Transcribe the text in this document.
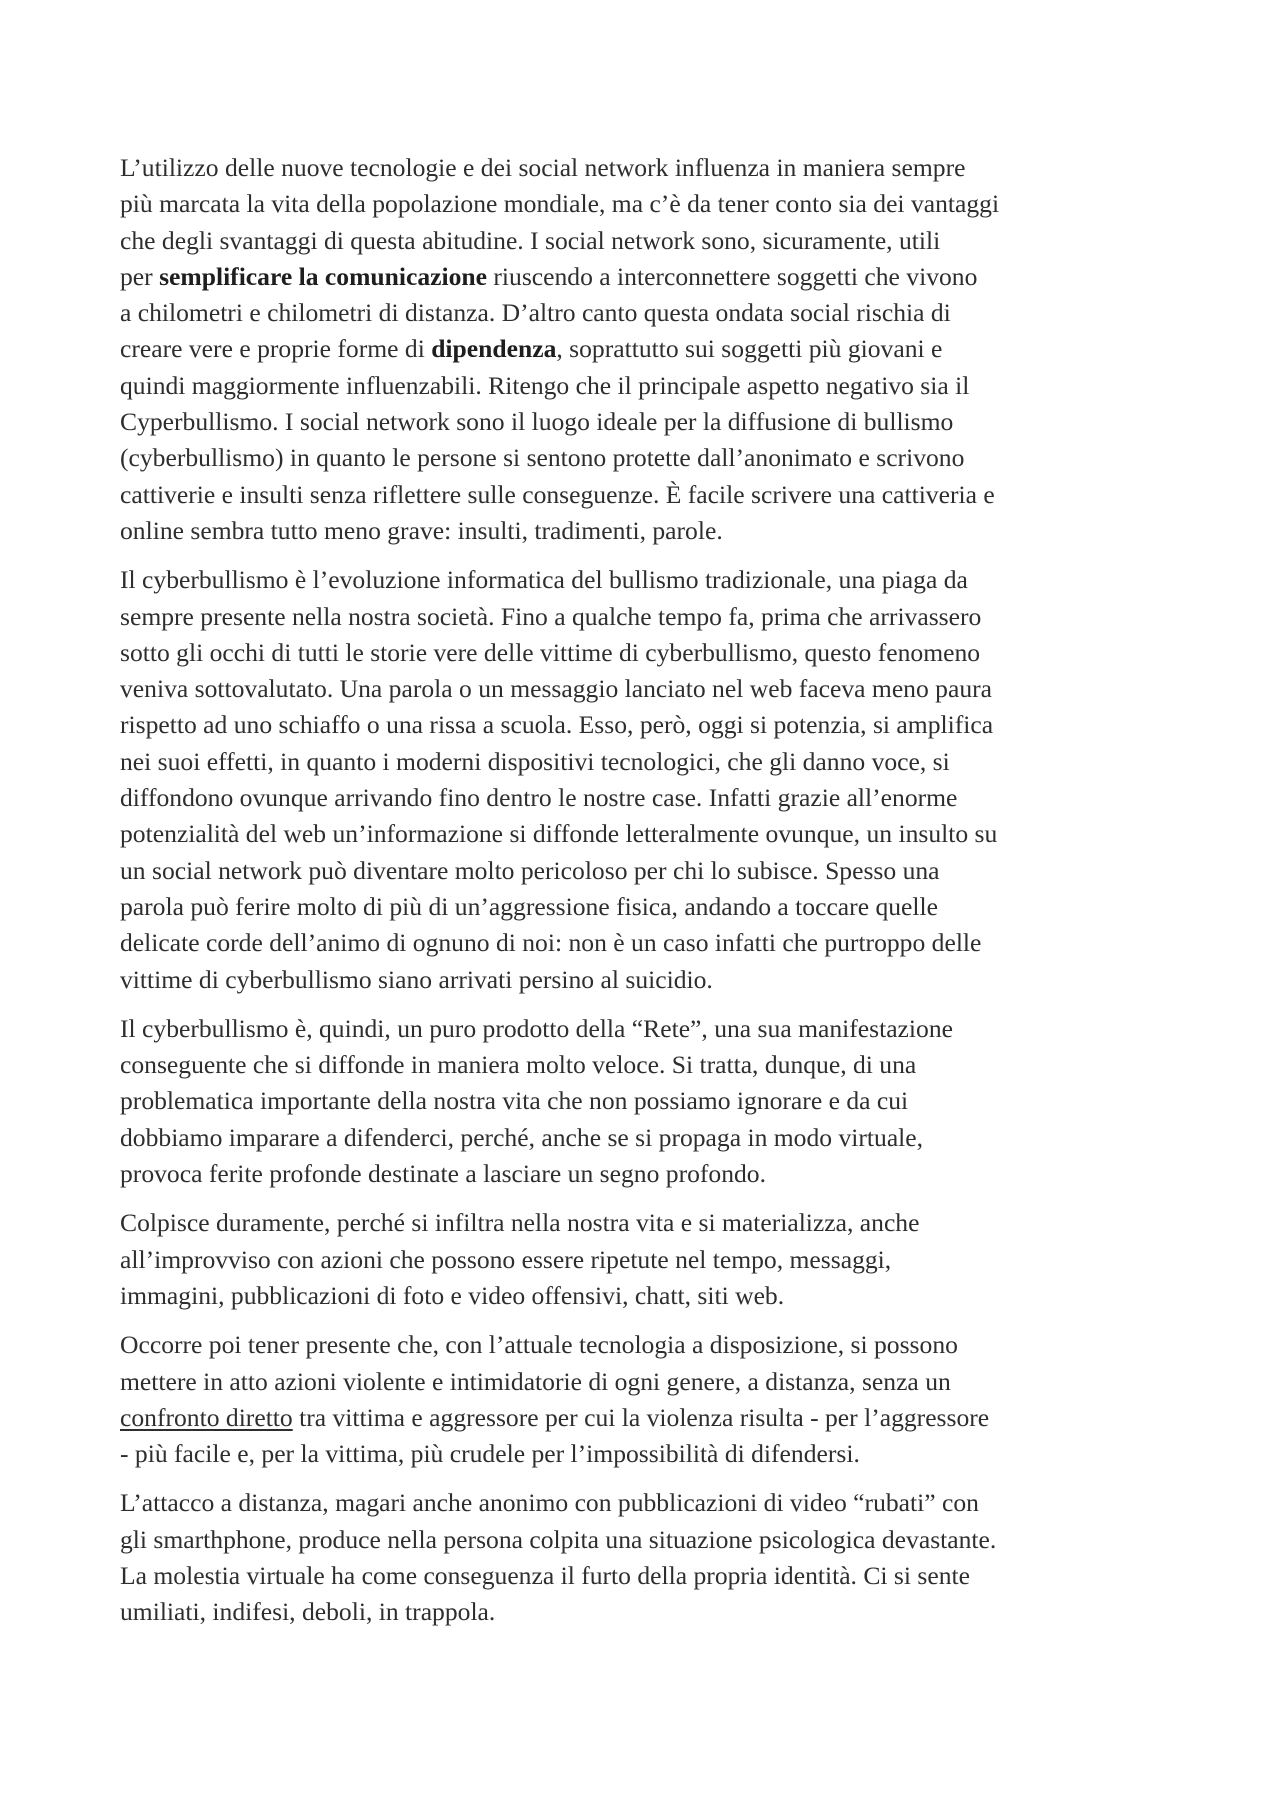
L’utilizzo delle nuove tecnologie e dei social network influenza in maniera sempre
più marcata la vita della popolazione mondiale, ma c’è da tener conto sia dei vantaggi
che degli svantaggi di questa abitudine. I social network sono, sicuramente, utili
per semplificare la comunicazione riuscendo a interconnettere soggetti che vivono
a chilometri e chilometri di distanza. D’altro canto questa ondata social rischia di
creare vere e proprie forme di dipendenza, soprattutto sui soggetti più giovani e
quindi maggiormente influenzabili. Ritengo che il principale aspetto negativo sia il
Cyperbullismo. I social network sono il luogo ideale per la diffusione di bullismo
(cyberbullismo) in quanto le persone si sentono protette dall’anonimato e scrivono
cattiverie e insulti senza riflettere sulle conseguenze. È facile scrivere una cattiveria e
online sembra tutto meno grave: insulti, tradimenti, parole.

Il cyberbullismo è l’evoluzione informatica del bullismo tradizionale, una piaga da
sempre presente nella nostra società. Fino a qualche tempo fa, prima che arrivassero
sotto gli occhi di tutti le storie vere delle vittime di cyberbullismo, questo fenomeno
veniva sottovalutato. Una parola o un messaggio lanciato nel web faceva meno paura
rispetto ad uno schiaffo o una rissa a scuola. Esso, però, oggi si potenzia, si amplifica
nei suoi effetti, in quanto i moderni dispositivi tecnologici, che gli danno voce, si
diffondono ovunque arrivando fino dentro le nostre case. Infatti grazie all’enorme
potenzialità del web un’informazione si diffonde letteralmente ovunque, un insulto su
un social network può diventare molto pericoloso per chi lo subisce. Spesso una
parola può ferire molto di più di un’aggressione fisica, andando a toccare quelle
delicate corde dell’animo di ognuno di noi: non è un caso infatti che purtroppo delle
vittime di cyberbullismo siano arrivati persino al suicidio.

Il cyberbullismo è, quindi, un puro prodotto della “Rete”, una sua manifestazione
conseguente che si diffonde in maniera molto veloce. Si tratta, dunque, di una
problematica importante della nostra vita che non possiamo ignorare e da cui
dobbiamo imparare a difenderci, perché, anche se si propaga in modo virtuale,
provoca ferite profonde destinate a lasciare un segno profondo.

Colpisce duramente, perché si infiltra nella nostra vita e si materializza, anche
all’improvviso con azioni che possono essere ripetute nel tempo, messaggi,
immagini, pubblicazioni di foto e video offensivi, chatt, siti web.

Occorre poi tener presente che, con l’attuale tecnologia a disposizione, si possono
mettere in atto azioni violente e intimidatorie di ogni genere, a distanza, senza un
confronto diretto tra vittima e aggressore per cui la violenza risulta - per l’aggressore
- più facile e, per la vittima, più crudele per l’impossibilità di difendersi.

L’attacco a distanza, magari anche anonimo con pubblicazioni di video “rubati” con
gli smarthphone, produce nella persona colpita una situazione psicologica devastante.
La molestia virtuale ha come conseguenza il furto della propria identità. Ci si sente
umiliati, indifesi, deboli, in trappola.
